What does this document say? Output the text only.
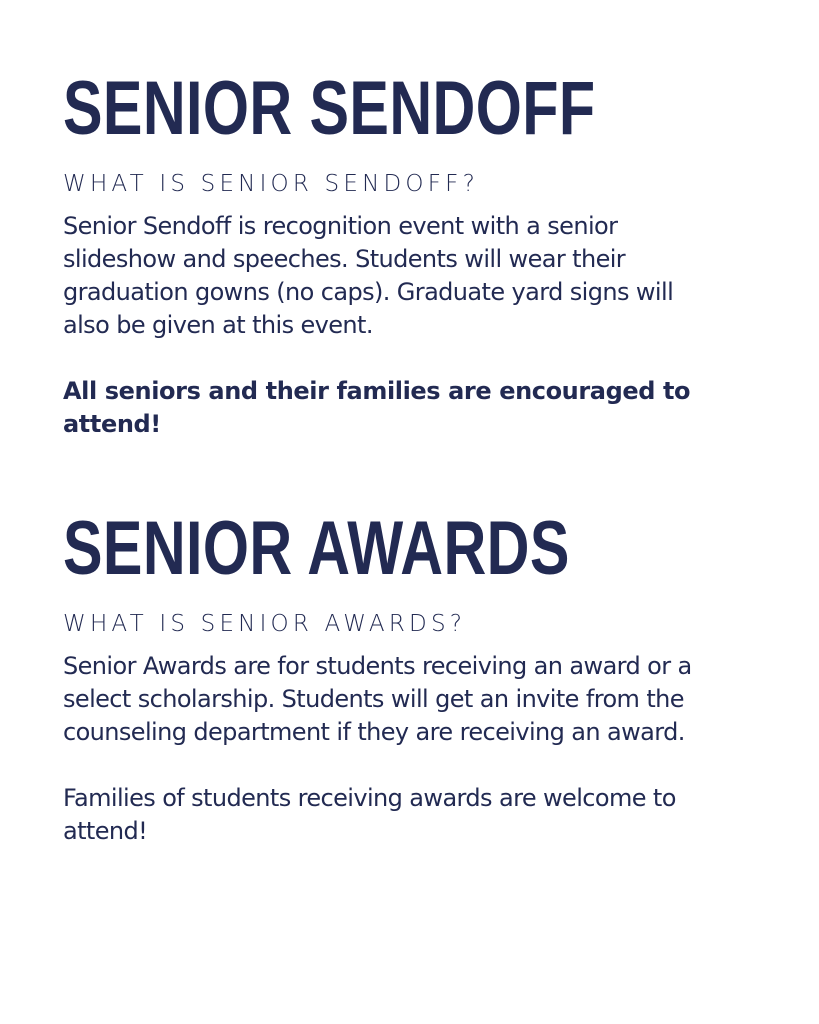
SENIOR SENDOFF
WHAT IS SENIOR SENDOFF?

Senior Sendoff is recognition event with a senior slideshow and speeches. Students will wear their graduation gowns (no caps). Graduate yard signs will also be given at this event.

All seniors and their families are encouraged to attend!

SENIOR AWARDS
WHAT IS SENIOR AWARDS?

Senior Awards are for students receiving an award or a select scholarship. Students will get an invite from the counseling department if they are receiving an award.

Families of students receiving awards are welcome to attend!
